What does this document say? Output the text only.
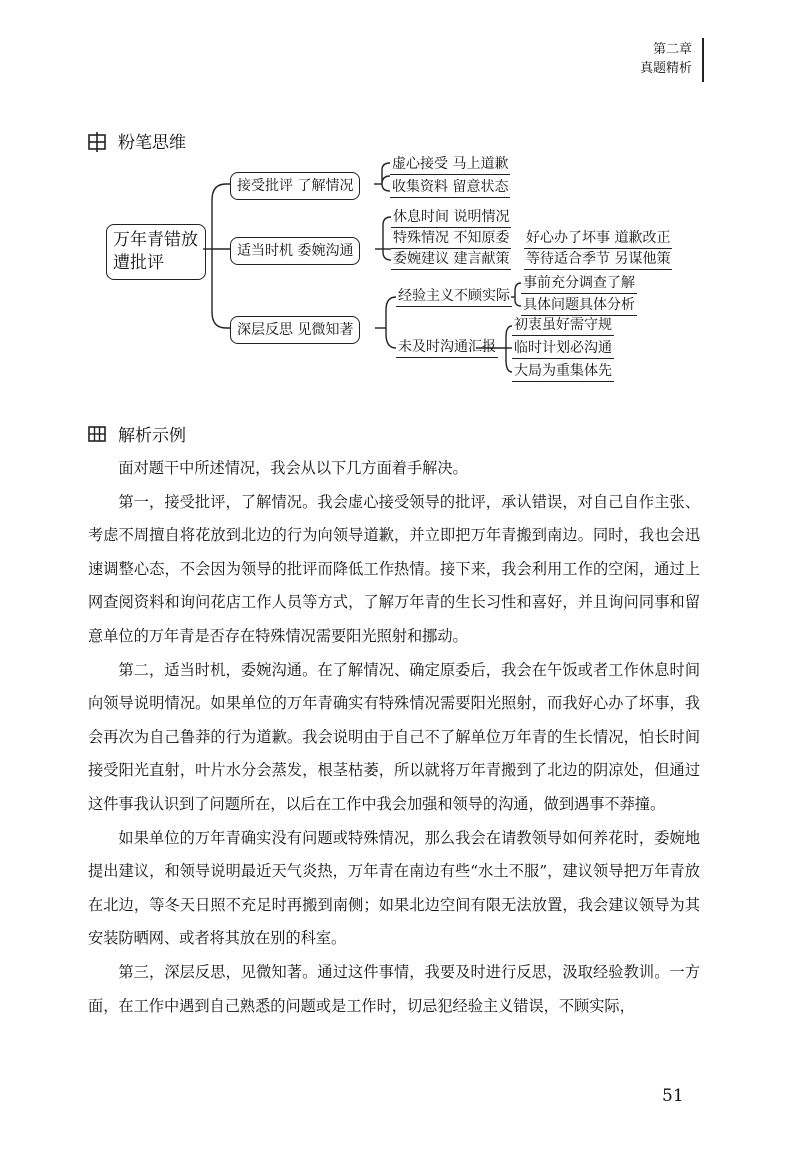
第二章
真题精析
粉笔思维
万年青错放遭批评
接受批评 了解情况
虚心接受 马上道歉
收集资料 留意状态
适当时机 委婉沟通
休息时间 说明情况
特殊情况 不知原委
委婉建议 建言献策
好心办了坏事 道歉改正
等待适合季节 另谋他策
深层反思 见微知著
经验主义不顾实际
事前充分调查了解
具体问题具体分析
未及时沟通汇报
初衷虽好需守规
临时计划必沟通
大局为重集体先
解析示例

面对题干中所述情况，我会从以下几方面着手解决。

第一，接受批评，了解情况。我会虚心接受领导的批评，承认错误，对自己自作主张、考虑不周擅自将花放到北边的行为向领导道歉，并立即把万年青搬到南边。同时，我也会迅速调整心态，不会因为领导的批评而降低工作热情。接下来，我会利用工作的空闲，通过上网查阅资料和询问花店工作人员等方式，了解万年青的生长习性和喜好，并且询问同事和留意单位的万年青是否存在特殊情况需要阳光照射和挪动。

第二，适当时机，委婉沟通。在了解情况、确定原委后，我会在午饭或者工作休息时间向领导说明情况。如果单位的万年青确实有特殊情况需要阳光照射，而我好心办了坏事，我会再次为自己鲁莽的行为道歉。我会说明由于自己不了解单位万年青的生长情况，怕长时间接受阳光直射，叶片水分会蒸发，根茎枯萎，所以就将万年青搬到了北边的阴凉处，但通过这件事我认识到了问题所在，以后在工作中我会加强和领导的沟通，做到遇事不莽撞。

如果单位的万年青确实没有问题或特殊情况，那么我会在请教领导如何养花时，委婉地提出建议，和领导说明最近天气炎热，万年青在南边有些“水土不服”，建议领导把万年青放在北边，等冬天日照不充足时再搬到南侧；如果北边空间有限无法放置，我会建议领导为其安装防晒网、或者将其放在别的科室。

第三，深层反思，见微知著。通过这件事情，我要及时进行反思，汲取经验教训。一方面，在工作中遇到自己熟悉的问题或是工作时，切忌犯经验主义错误，不顾实际，

51
